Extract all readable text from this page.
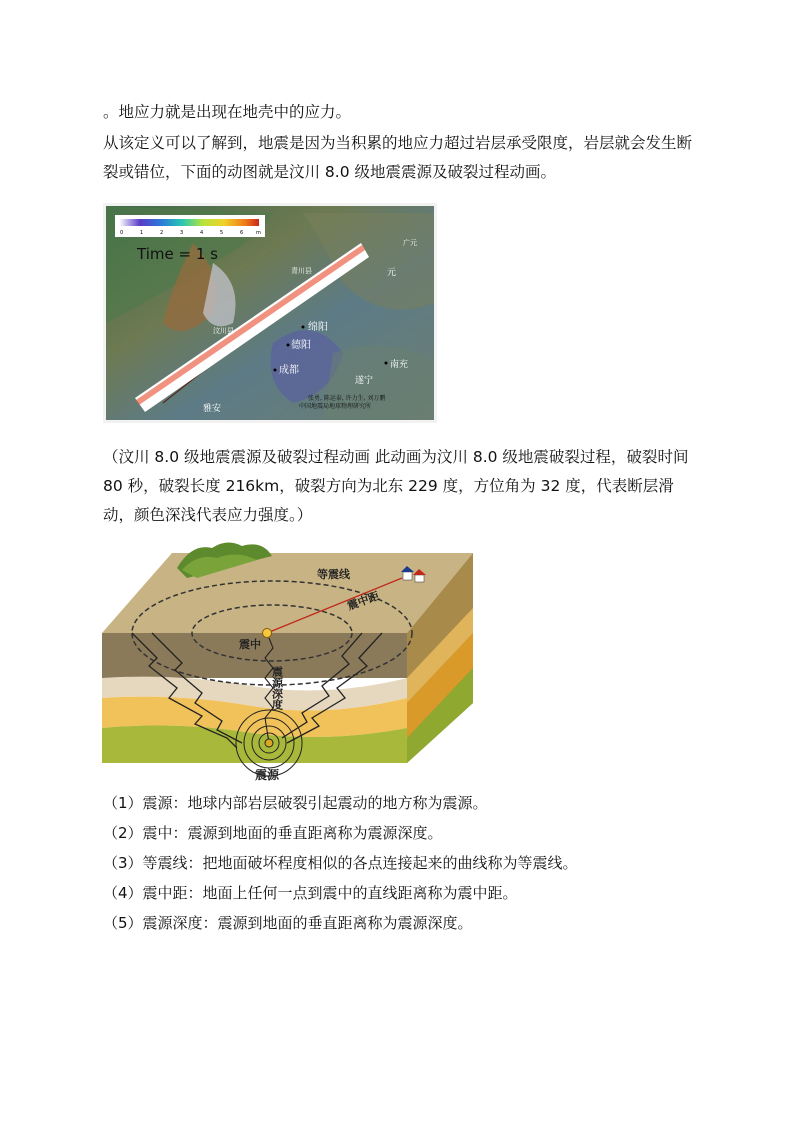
。地应力就是出现在地壳中的应力。

从该定义可以了解到，地震是因为当积累的地应力超过岩层承受限度，岩层就会发生断裂或错位，下面的动图就是汶川 8.0 级地震震源及破裂过程动画。

0	1	2	3	4	5	6	m
Time = 1 s
青川县
汶川县	绵阳
德阳
成都	南充
遂宁
元
广元
雅安
张勇, 陈运泰, 许力生, 刘万鹏
中国地震局地球物理研究所

（汶川 8.0 级地震震源及破裂过程动画 此动画为汶川 8.0 级地震破裂过程，破裂时间 80 秒，破裂长度 216km，破裂方向为北东 229 度，方位角为 32 度，代表断层滑动，颜色深浅代表应力强度。）

等震线
震中距
震中
震源深度
震源
（1）震源：地球内部岩层破裂引起震动的地方称为震源。
（2）震中：震源到地面的垂直距离称为震源深度。
（3）等震线：把地面破坏程度相似的各点连接起来的曲线称为等震线。
（4）震中距：地面上任何一点到震中的直线距离称为震中距。
（5）震源深度：震源到地面的垂直距离称为震源深度。
